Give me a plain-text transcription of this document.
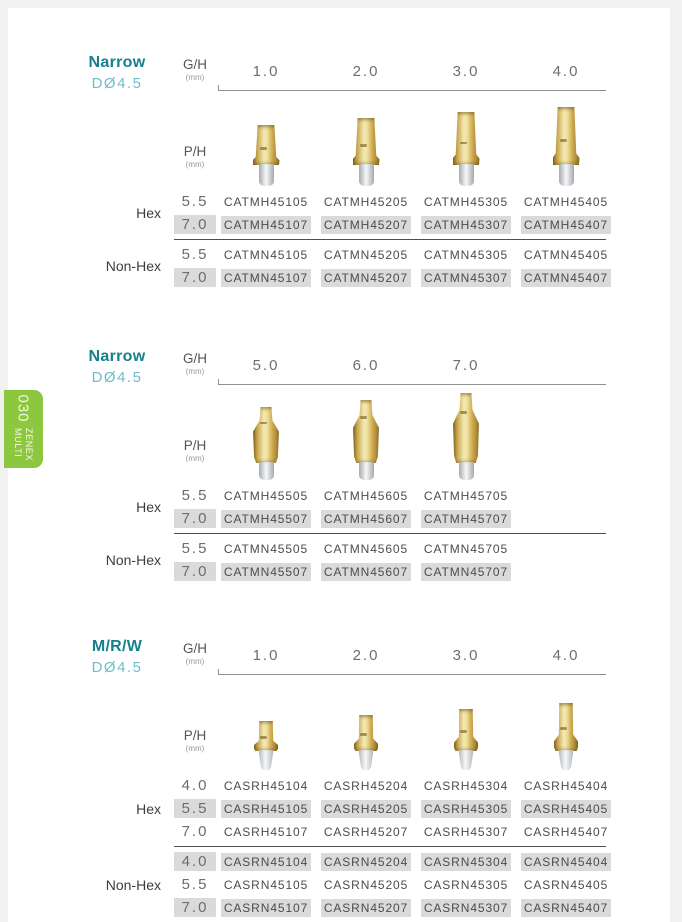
030
ZENEX
MULTI
Narrow
DØ4.5
G/H
(mm)	1.0	2.0	3.0	4.0
P/H
(mm)
Hex
5.5	CATMH45105 CATMH45205 CATMH45305 CATMH45405
7.0	CATMH45107 CATMH45207 CATMH45307 CATMH45407
Non-Hex
5.5	CATMN45105 CATMN45205 CATMN45305 CATMN45405
7.0	CATMN45107 CATMN45207 CATMN45307 CATMN45407
Narrow
DØ4.5
G/H
(mm)	5.0	6.0	7.0
P/H
(mm)
Hex
5.5	CATMH45505 CATMH45605 CATMH45705
7.0	CATMH45507 CATMH45607 CATMH45707
Non-Hex
5.5	CATMN45505 CATMN45605 CATMN45705
7.0	CATMN45507 CATMN45607 CATMN45707
M/R/W
DØ4.5
G/H
(mm)	1.0	2.0	3.0	4.0
P/H
(mm)
Hex
4.0	CASRH45104 CASRH45204 CASRH45304 CASRH45404
5.5	CASRH45105 CASRH45205 CASRH45305 CASRH45405
7.0	CASRH45107 CASRH45207 CASRH45307 CASRH45407
Non-Hex
4.0	CASRN45104 CASRN45204 CASRN45304 CASRN45404
5.5	CASRN45105 CASRN45205 CASRN45305 CASRN45405
7.0	CASRN45107 CASRN45207 CASRN45307 CASRN45407
